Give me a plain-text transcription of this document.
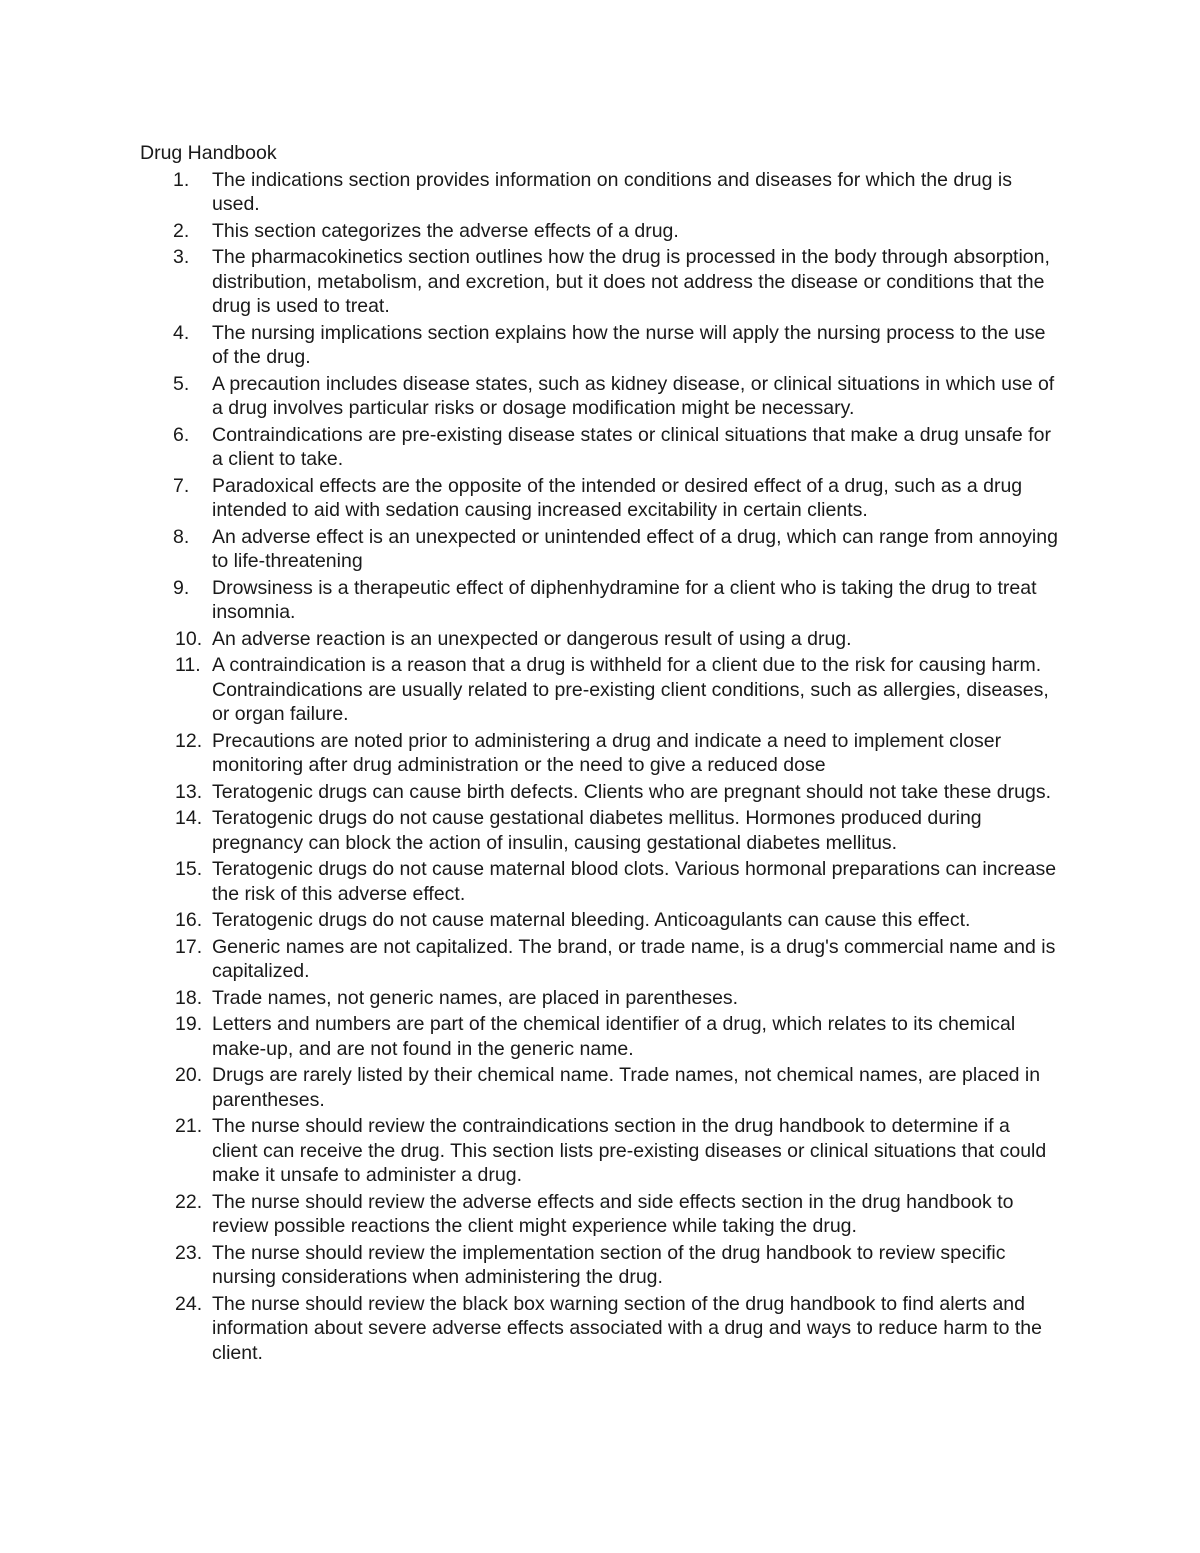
Drug Handbook
1.	The indications section provides information on conditions and diseases for which the drug is used.
2.	This section categorizes the adverse effects of a drug.
3.	The pharmacokinetics section outlines how the drug is processed in the body through absorption, distribution, metabolism, and excretion, but it does not address the disease or conditions that the drug is used to treat.
4.	The nursing implications section explains how the nurse will apply the nursing process to the use of the drug.
5.	A precaution includes disease states, such as kidney disease, or clinical situations in which use of a drug involves particular risks or dosage modification might be necessary.
6.	Contraindications are pre-existing disease states or clinical situations that make a drug unsafe for a client to take.
7.	Paradoxical effects are the opposite of the intended or desired effect of a drug, such as a drug intended to aid with sedation causing increased excitability in certain clients.
8.	An adverse effect is an unexpected or unintended effect of a drug, which can range from annoying to life-threatening
9.	Drowsiness is a therapeutic effect of diphenhydramine for a client who is taking the drug to treat insomnia.
10. An adverse reaction is an unexpected or dangerous result of using a drug.
11. A contraindication is a reason that a drug is withheld for a client due to the risk for causing harm. Contraindications are usually related to pre-existing client conditions, such as allergies, diseases, or organ failure.
12. Precautions are noted prior to administering a drug and indicate a need to implement closer monitoring after drug administration or the need to give a reduced dose
13. Teratogenic drugs can cause birth defects. Clients who are pregnant should not take these drugs.
14. Teratogenic drugs do not cause gestational diabetes mellitus. Hormones produced during pregnancy can block the action of insulin, causing gestational diabetes mellitus.
15. Teratogenic drugs do not cause maternal blood clots. Various hormonal preparations can increase the risk of this adverse effect.
16. Teratogenic drugs do not cause maternal bleeding. Anticoagulants can cause this effect.
17. Generic names are not capitalized. The brand, or trade name, is a drug's commercial name and is capitalized.
18. Trade names, not generic names, are placed in parentheses.
19. Letters and numbers are part of the chemical identifier of a drug, which relates to its chemical make-up, and are not found in the generic name.
20. Drugs are rarely listed by their chemical name. Trade names, not chemical names, are placed in parentheses.
21. The nurse should review the contraindications section in the drug handbook to determine if a client can receive the drug. This section lists pre-existing diseases or clinical situations that could make it unsafe to administer a drug.
22. The nurse should review the adverse effects and side effects section in the drug handbook to review possible reactions the client might experience while taking the drug.
23. The nurse should review the implementation section of the drug handbook to review specific nursing considerations when administering the drug.
24. The nurse should review the black box warning section of the drug handbook to find alerts and information about severe adverse effects associated with a drug and ways to reduce harm to the client.
